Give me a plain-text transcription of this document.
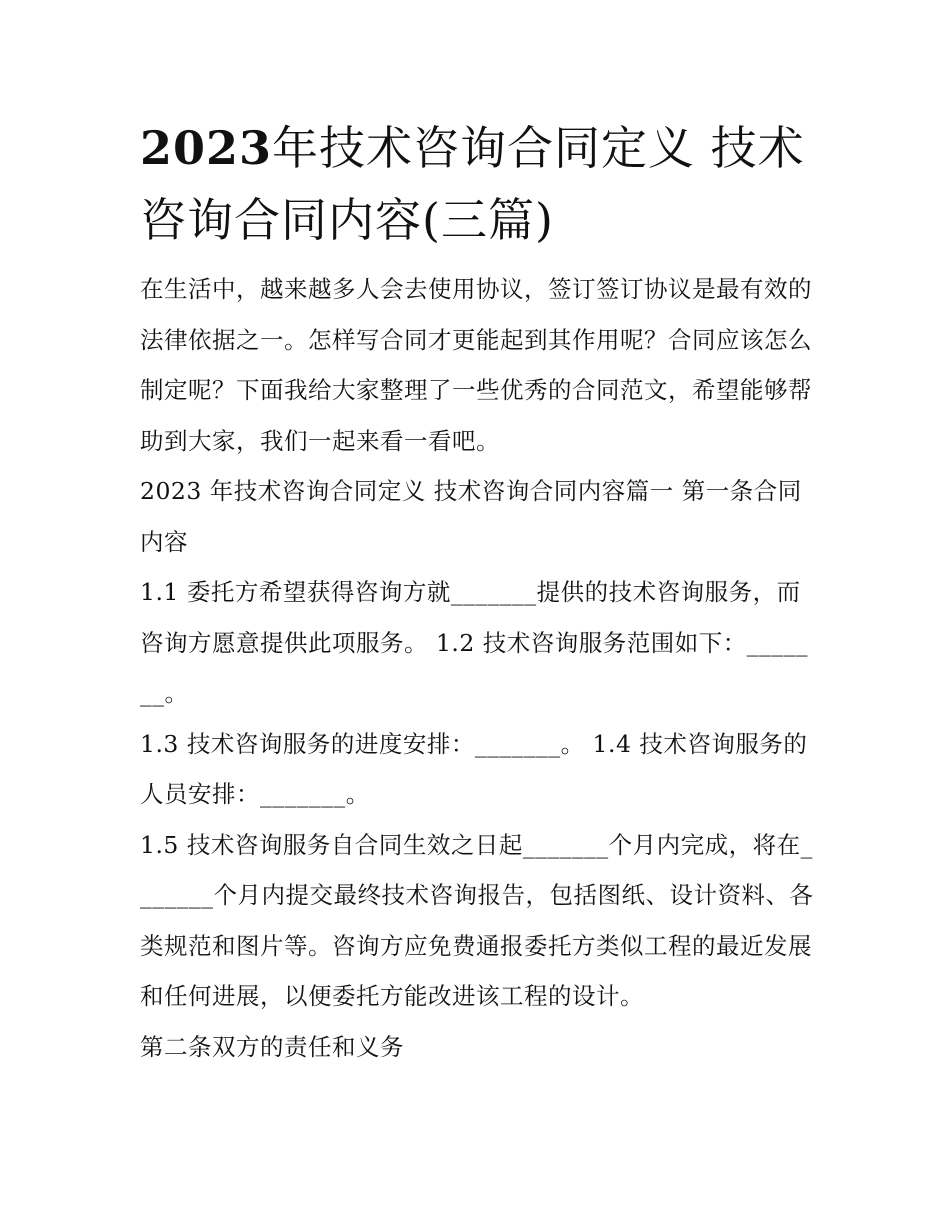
2023年技术咨询合同定义 技术咨询合同内容(三篇)

在生活中，越来越多人会去使用协议，签订签订协议是最有效的法律依据之一。怎样写合同才更能起到其作用呢？合同应该怎么制定呢？下面我给大家整理了一些优秀的合同范文，希望能够帮助到大家，我们一起来看一看吧。

2023 年技术咨询合同定义 技术咨询合同内容篇一 第一条合同内容

1.1 委托方希望获得咨询方就_______提供的技术咨询服务，而咨询方愿意提供此项服务。 1.2 技术咨询服务范围如下：_______。

1.3 技术咨询服务的进度安排：_______。 1.4 技术咨询服务的人员安排：_______。

1.5 技术咨询服务自合同生效之日起_______个月内完成，将在_______个月内提交最终技术咨询报告，包括图纸、设计资料、各类规范和图片等。咨询方应免费通报委托方类似工程的最近发展和任何进展，以便委托方能改进该工程的设计。

第二条双方的责任和义务
